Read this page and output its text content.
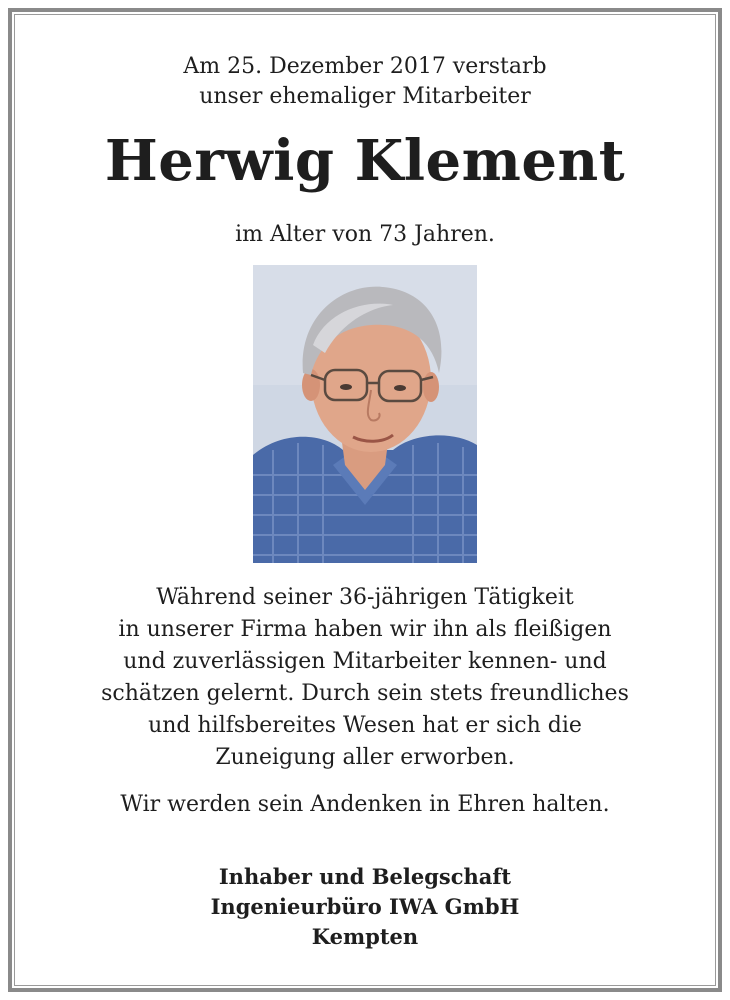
Am 25. Dezember 2017 verstarb
unser ehemaliger Mitarbeiter
Herwig Klement
im Alter von 73 Jahren.
Während seiner 36-jährigen Tätigkeit
in unserer Firma haben wir ihn als fleißigen
und zuverlässigen Mitarbeiter kennen- und
schätzen gelernt. Durch sein stets freundliches
und hilfsbereites Wesen hat er sich die
Zuneigung aller erworben.
Wir werden sein Andenken in Ehren halten.
Inhaber und Belegschaft
Ingenieurbüro IWA GmbH
Kempten
